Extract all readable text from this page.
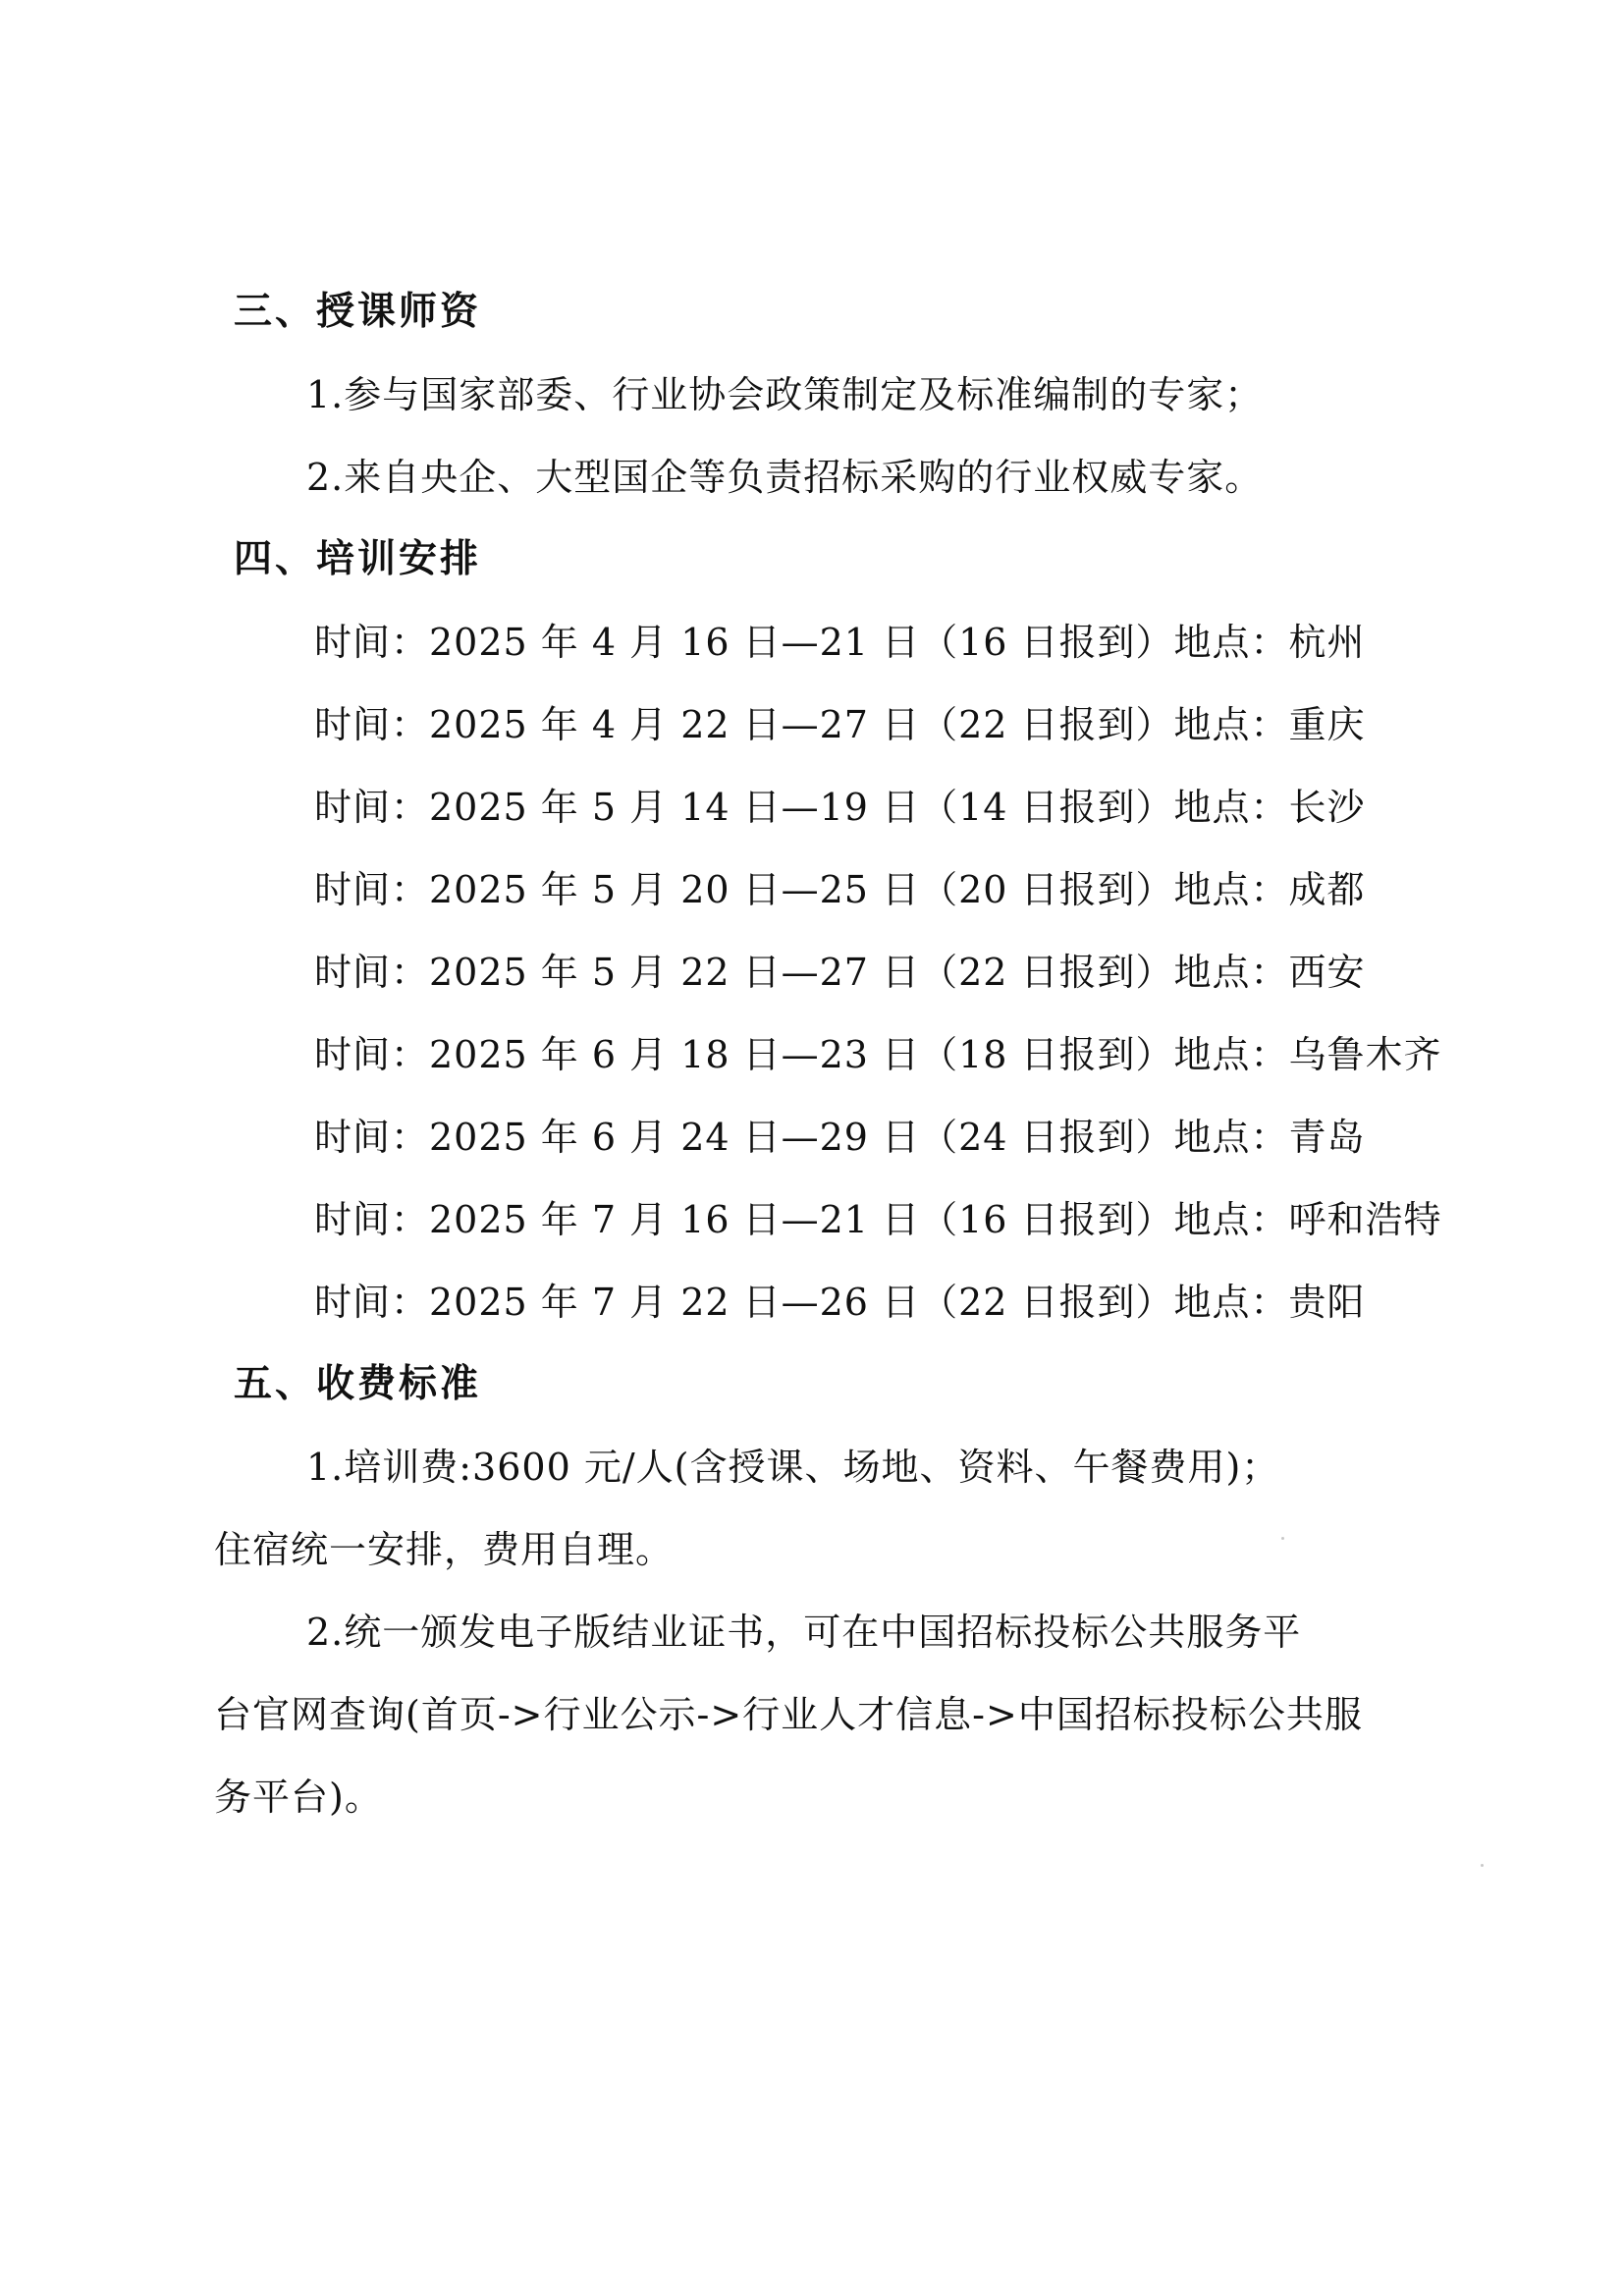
三、授课师资
1.参与国家部委、行业协会政策制定及标准编制的专家；
2.来自央企、大型国企等负责招标采购的行业权威专家。
四、培训安排
时间：2025 年 4 月 16 日—21 日（16 日报到）地点：杭州
时间：2025 年 4 月 22 日—27 日（22 日报到）地点：重庆
时间：2025 年 5 月 14 日—19 日（14 日报到）地点：长沙
时间：2025 年 5 月 20 日—25 日（20 日报到）地点：成都
时间：2025 年 5 月 22 日—27 日（22 日报到）地点：西安
时间：2025 年 6 月 18 日—23 日（18 日报到）地点：乌鲁木齐
时间：2025 年 6 月 24 日—29 日（24 日报到）地点：青岛
时间：2025 年 7 月 16 日—21 日（16 日报到）地点：呼和浩特
时间：2025 年 7 月 22 日—26 日（22 日报到）地点：贵阳
五、收费标准
1.培训费:3600 元/人(含授课、场地、资料、午餐费用)；
住宿统一安排，费用自理。
2.统一颁发电子版结业证书，可在中国招标投标公共服务平
台官网查询(首页->行业公示->行业人才信息->中国招标投标公共服
务平台)。
